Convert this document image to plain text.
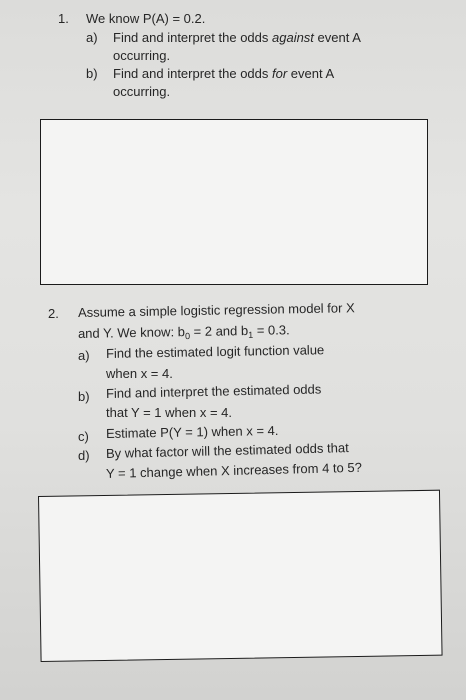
1. We know P(A) = 0.2.
a) Find and interpret the odds against event A
occurring.
b) Find and interpret the odds for event A
occurring.
2. Assume a simple logistic regression model for X
and Y. We know: $b_0 = 2$ and $b_1 = 0.3$.
a) Find the estimated logit function value
when x = 4.
b) Find and interpret the estimated odds
that Y = 1 when x = 4.
c) Estimate P(Y = 1) when x = 4.
d) By what factor will the estimated odds that
Y = 1 change when X increases from 4 to 5?
